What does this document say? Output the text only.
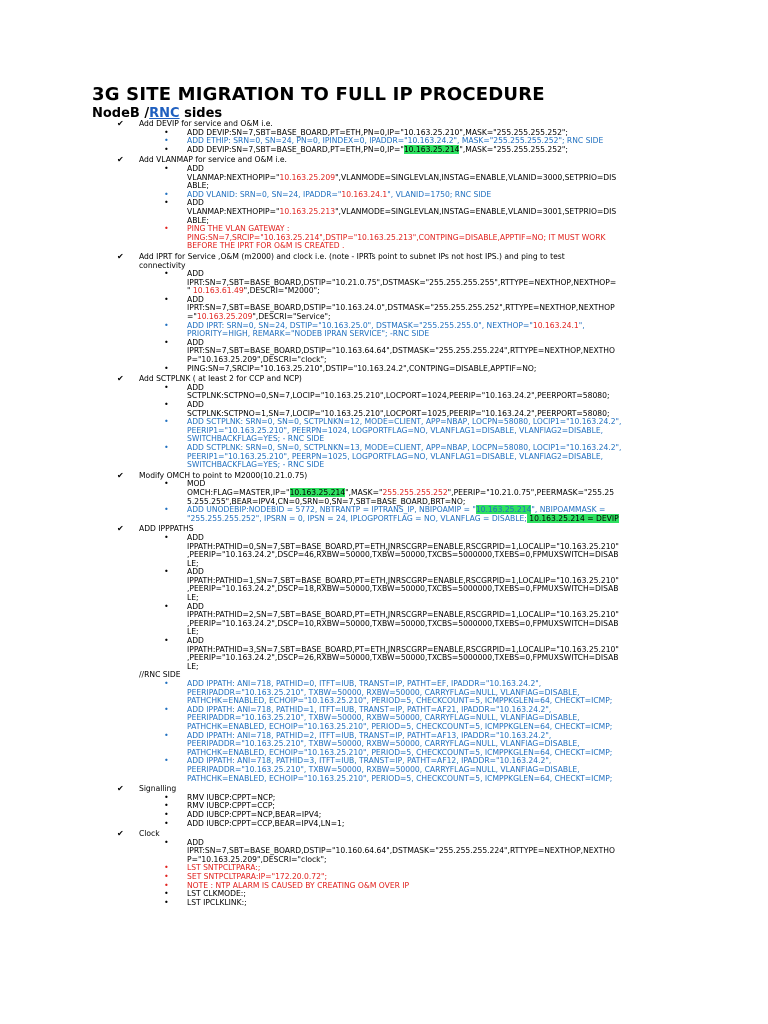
3G SITE MIGRATION TO FULL IP PROCEDURE
NodeB /RNC sides
✔ Add DEVIP for service and O&M i.e.
• ADD DEVIP:SN=7,SBT=BASE_BOARD,PT=ETH,PN=0,IP="10.163.25.210",MASK="255.255.255.252";
• ADD ETHIP: SRN=0, SN=24, PN=0, IPINDEX=0, IPADDR="10.163.24.2", MASK="255.255.255.252"; RNC SIDE
• ADD DEVIP:SN=7,SBT=BASE_BOARD,PT=ETH,PN=0,IP="10.163.25.214",MASK="255.255.255.252";
✔ Add VLANMAP for service and O&M i.e.
• ADD
VLANMAP:NEXTHOPIP="10.163.25.209",VLANMODE=SINGLEVLAN,INSTAG=ENABLE,VLANID=3000,SETPRIO=DIS
ABLE;
• ADD VLANID: SRN=0, SN=24, IPADDR="10.163.24.1", VLANID=1750; RNC SIDE
• ADD
VLANMAP:NEXTHOPIP="10.163.25.213",VLANMODE=SINGLEVLAN,INSTAG=ENABLE,VLANID=3001,SETPRIO=DIS
ABLE;
• PING THE VLAN GATEWAY :
PING:SN=7,SRCIP="10.163.25.214",DSTIP="10.163.25.213",CONTPING=DISABLE,APPTIF=NO; IT MUST WORK
BEFORE THE IPRT FOR O&M IS CREATED .
✔ Add IPRT for Service ,O&M (m2000) and clock i.e. (note - IPRTs point to subnet IPs not host IPS.) and ping to test
connectivity
• ADD
IPRT:SN=7,SBT=BASE_BOARD,DSTIP="10.21.0.75",DSTMASK="255.255.255.255",RTTYPE=NEXTHOP,NEXTHOP=
" 10.163.61.49",DESCRI="M2000";
• ADD
IPRT:SN=7,SBT=BASE_BOARD,DSTIP="10.163.24.0",DSTMASK="255.255.255.252",RTTYPE=NEXTHOP,NEXTHOP
="10.163.25.209",DESCRI="Service";
• ADD IPRT: SRN=0, SN=24, DSTIP="10.163.25.0", DSTMASK="255.255.255.0", NEXTHOP="10.163.24.1",
PRIORITY=HIGH, REMARK="NODEB IPRAN SERVICE"; -RNC SIDE
• ADD
IPRT:SN=7,SBT=BASE_BOARD,DSTIP="10.163.64.64",DSTMASK="255.255.255.224",RTTYPE=NEXTHOP,NEXTHO
P="10.163.25.209",DESCRI="clock";
• PING:SN=7,SRCIP="10.163.25.210",DSTIP="10.163.24.2",CONTPING=DISABLE,APPTIF=NO;
✔ Add SCTPLNK ( at least 2 for CCP and NCP)
• ADD
SCTPLNK:SCTPNO=0,SN=7,LOCIP="10.163.25.210",LOCPORT=1024,PEERIP="10.163.24.2",PEERPORT=58080;
• ADD
SCTPLNK:SCTPNO=1,SN=7,LOCIP="10.163.25.210",LOCPORT=1025,PEERIP="10.163.24.2",PEERPORT=58080;
• ADD SCTPLNK: SRN=0, SN=0, SCTPLNKN=12, MODE=CLIENT, APP=NBAP, LOCPN=58080, LOCIP1="10.163.24.2",
PEERIP1="10.163.25.210", PEERPN=1024, LOGPORTFLAG=NO, VLANFLAG1=DISABLE, VLANFlAG2=DISABLE,
SWITCHBACKFLAG=YES; - RNC SIDE
• ADD SCTPLNK: SRN=0, SN=0, SCTPLNKN=13, MODE=CLIENT, APP=NBAP, LOCPN=58080, LOCIP1="10.163.24.2",
PEERIP1="10.163.25.210", PEERPN=1025, LOGPORTFLAG=NO, VLANFLAG1=DISABLE, VLANFlAG2=DISABLE,
SWITCHBACKFLAG=YES; - RNC SIDE
✔ Modify OMCH to point to M2000(10.21.0.75)
• MOD
OMCH:FLAG=MASTER,IP="10.163.25.214",MASK="255.255.255.252",PEERIP="10.21.0.75",PEERMASK="255.25
5.255.255",BEAR=IPV4,CN=0,SRN=0,SN=7,SBT=BASE_BOARD,BRT=NO;
• ADD UNODEBIP:NODEBID = 5772, NBTRANTP = IPTRANS_IP, NBIPOAMIP = "10.163.25.214", NBIPOAMMASK =
"255.255.255.252", IPSRN = 0, IPSN = 24, IPLOGPORTFLAG = NO, VLANFLAG = DISABLE; 10.163.25.214 = DEVIP
✔ ADD IPPPATHS
• ADD
IPPATH:PATHID=0,SN=7,SBT=BASE_BOARD,PT=ETH,JNRSCGRP=ENABLE,RSCGRPID=1,LOCALIP="10.163.25.210"
,PEERIP="10.163.24.2",DSCP=46,RXBW=50000,TXBW=50000,TXCBS=5000000,TXEBS=0,FPMUXSWITCH=DISAB
LE;
• ADD
IPPATH:PATHID=1,SN=7,SBT=BASE_BOARD,PT=ETH,JNRSCGRP=ENABLE,RSCGRPID=1,LOCALIP="10.163.25.210"
,PEERIP="10.163.24.2",DSCP=18,RXBW=50000,TXBW=50000,TXCBS=5000000,TXEBS=0,FPMUXSWITCH=DISAB
LE;
• ADD
IPPATH:PATHID=2,SN=7,SBT=BASE_BOARD,PT=ETH,JNRSCGRP=ENABLE,RSCGRPID=1,LOCALIP="10.163.25.210"
,PEERIP="10.163.24.2",DSCP=10,RXBW=50000,TXBW=50000,TXCBS=5000000,TXEBS=0,FPMUXSWITCH=DISAB
LE;
• ADD
IPPATH:PATHID=3,SN=7,SBT=BASE_BOARD,PT=ETH,JNRSCGRP=ENABLE,RSCGRPID=1,LOCALIP="10.163.25.210"
,PEERIP="10.163.24.2",DSCP=26,RXBW=50000,TXBW=50000,TXCBS=5000000,TXEBS=0,FPMUXSWITCH=DISAB
LE;
//RNC SIDE
• ADD IPPATH: ANI=718, PATHID=0, ITFT=IUB, TRANST=IP, PATHT=EF, IPADDR="10.163.24.2",
PEERIPADDR="10.163.25.210", TXBW=50000, RXBW=50000, CARRYFLAG=NULL, VLANFlAG=DISABLE,
PATHCHK=ENABLED, ECHOIP="10.163.25.210", PERIOD=5, CHECKCOUNT=5, ICMPPKGLEN=64, CHECKT=ICMP;
• ADD IPPATH: ANI=718, PATHID=1, ITFT=IUB, TRANST=IP, PATHT=AF21, IPADDR="10.163.24.2",
PEERIPADDR="10.163.25.210", TXBW=50000, RXBW=50000, CARRYFLAG=NULL, VLANFlAG=DISABLE,
PATHCHK=ENABLED, ECHOIP="10.163.25.210", PERIOD=5, CHECKCOUNT=5, ICMPPKGLEN=64, CHECKT=ICMP;
• ADD IPPATH: ANI=718, PATHID=2, ITFT=IUB, TRANST=IP, PATHT=AF13, IPADDR="10.163.24.2",
PEERIPADDR="10.163.25.210", TXBW=50000, RXBW=50000, CARRYFLAG=NULL, VLANFlAG=DISABLE,
PATHCHK=ENABLED, ECHOIP="10.163.25.210", PERIOD=5, CHECKCOUNT=5, ICMPPKGLEN=64, CHECKT=ICMP;
• ADD IPPATH: ANI=718, PATHID=3, ITFT=IUB, TRANST=IP, PATHT=AF12, IPADDR="10.163.24.2",
PEERIPADDR="10.163.25.210", TXBW=50000, RXBW=50000, CARRYFLAG=NULL, VLANFlAG=DISABLE,
PATHCHK=ENABLED, ECHOIP="10.163.25.210", PERIOD=5, CHECKCOUNT=5, ICMPPKGLEN=64, CHECKT=ICMP;
✔ Signalling
• RMV IUBCP:CPPT=NCP;
• RMV IUBCP:CPPT=CCP;
• ADD IUBCP:CPPT=NCP,BEAR=IPV4;
• ADD IUBCP:CPPT=CCP,BEAR=IPV4,LN=1;
✔ Clock
• ADD
IPRT:SN=7,SBT=BASE_BOARD,DSTIP="10.160.64.64",DSTMASK="255.255.255.224",RTTYPE=NEXTHOP,NEXTHO
P="10.163.25.209",DESCRI="clock";
• LST SNTPCLTPARA:;
• SET SNTPCLTPARA:IP="172.20.0.72";
• NOTE : NTP ALARM IS CAUSED BY CREATING O&M OVER IP
• LST CLKMODE:;
• LST IPCLKLINK:;
